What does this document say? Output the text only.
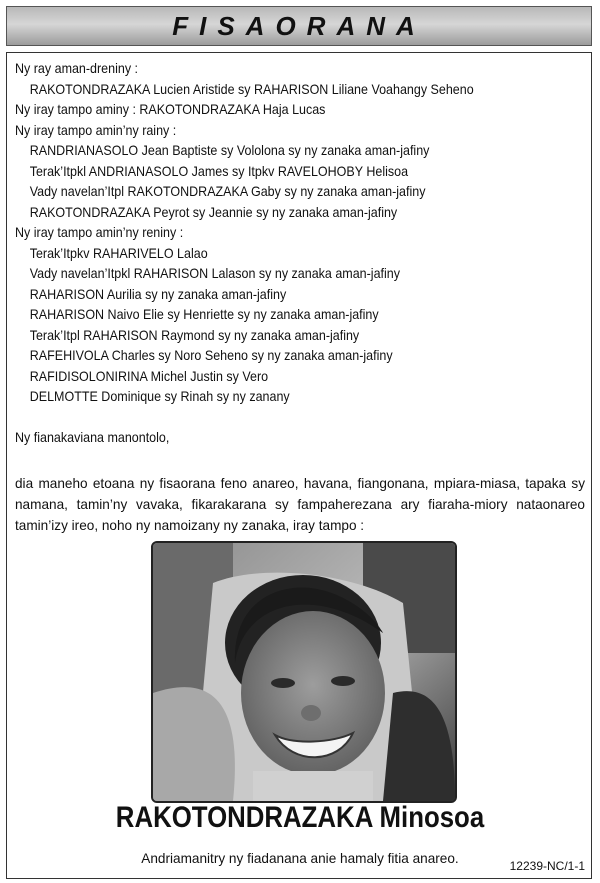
FISAORANA
Ny ray aman-dreniny :
RAKOTONDRAZAKA Lucien Aristide sy RAHARISON Liliane Voahangy Seheno
Ny iray tampo aminy : RAKOTONDRAZAKA Haja Lucas
Ny iray tampo amin’ny rainy :
RANDRIANASOLO Jean Baptiste sy Vololona sy ny zanaka aman-jafiny
Terak’Itpkl ANDRIANASOLO James sy Itpkv RAVELOHOBY Helisoa
Vady navelan’Itpl RAKOTONDRAZAKA Gaby sy ny zanaka aman-jafiny
RAKOTONDRAZAKA Peyrot sy Jeannie sy ny zanaka aman-jafiny
Ny iray tampo amin’ny reniny :
Terak’Itpkv RAHARIVELO Lalao
Vady navelan’Itpkl RAHARISON Lalason sy ny zanaka aman-jafiny
RAHARISON Aurilia sy ny zanaka aman-jafiny
RAHARISON Naivo Elie sy Henriette sy ny zanaka aman-jafiny
Terak’Itpl RAHARISON Raymond sy ny zanaka aman-jafiny
RAFEHIVOLA Charles sy Noro Seheno sy ny zanaka aman-jafiny
RAFIDISOLONIRINA Michel Justin sy Vero
DELMOTTE Dominique sy Rinah sy ny zanany
Ny fianakaviana manontolo,
dia maneho etoana ny fisaorana feno anareo, havana, fiangonana, mpiara-miasa, tapaka sy namana, tamin’ny vavaka, fikarakarana sy fampaherezana ary fiaraha-miory nataonareo tamin’izy ireo, noho ny namoizany ny zanaka, iray tampo :
RAKOTONDRAZAKA Minosoa
Andriamanitry ny fiadanana anie hamaly fitia anareo.	12239-NC/1-1
